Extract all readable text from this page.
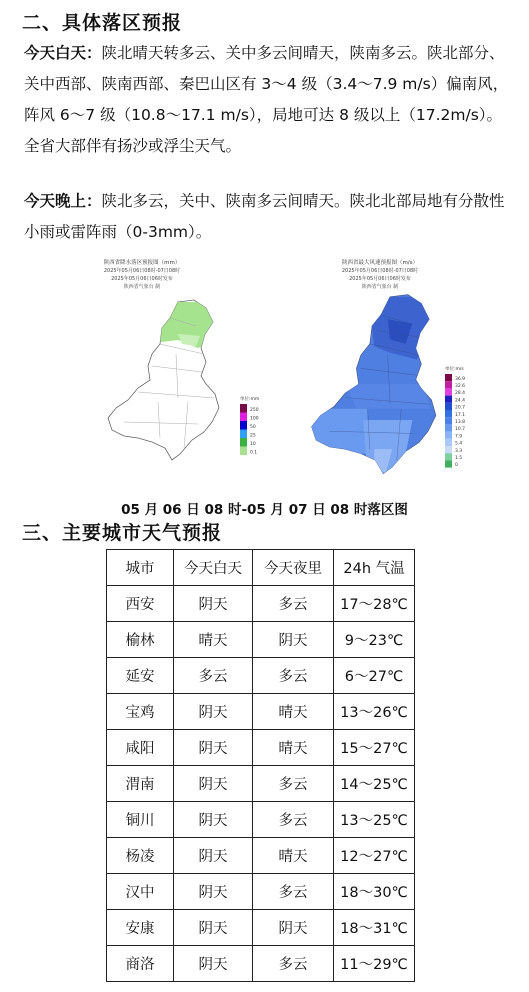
二、具体落区预报
今天白天：陕北晴天转多云、关中多云间晴天，陕南多云。陕北部分、关中西部、陕南西部、秦巴山区有 3～4 级（3.4～7.9 m/s）偏南风，阵风 6～7 级（10.8～17.1 m/s），局地可达 8 级以上（17.2m/s）。全省大部伴有扬沙或浮尘天气。
今天晚上：陕北多云，关中、陕南多云间晴天。陕北北部局地有分散性小雨或雷阵雨（0-3mm）。
陕西省降水落区预报图（mm）
2025年05月06日08时-07日08时
2025年05月06日06时发布
陕西省气象台 制
单位:mm
250
100
50
25
10
0.1
陕西省最大风速预报图（m/s）
2025年05月06日08时-07日08时
2025年05月06日06时发布
陕西省气象台 制
单位:m/s
36.9
32.6
28.4
24.4
20.7
17.1
13.8
10.7
7.9
5.4
3.3
1.5
0
05 月 06 日 08 时-05 月 07 日 08 时落区图
三、主要城市天气预报
城市	今天白天	今天夜里	24h 气温
西安	阴天	多云	17～28℃
榆林	晴天	阴天	9～23℃
延安	多云	多云	6～27℃
宝鸡	阴天	晴天	13～26℃
咸阳	阴天	晴天	15～27℃
渭南	阴天	多云	14～25℃
铜川	阴天	多云	13～25℃
杨凌	阴天	晴天	12～27℃
汉中	阴天	多云	18～30℃
安康	阴天	阴天	18～31℃
商洛	阴天	多云	11～29℃
